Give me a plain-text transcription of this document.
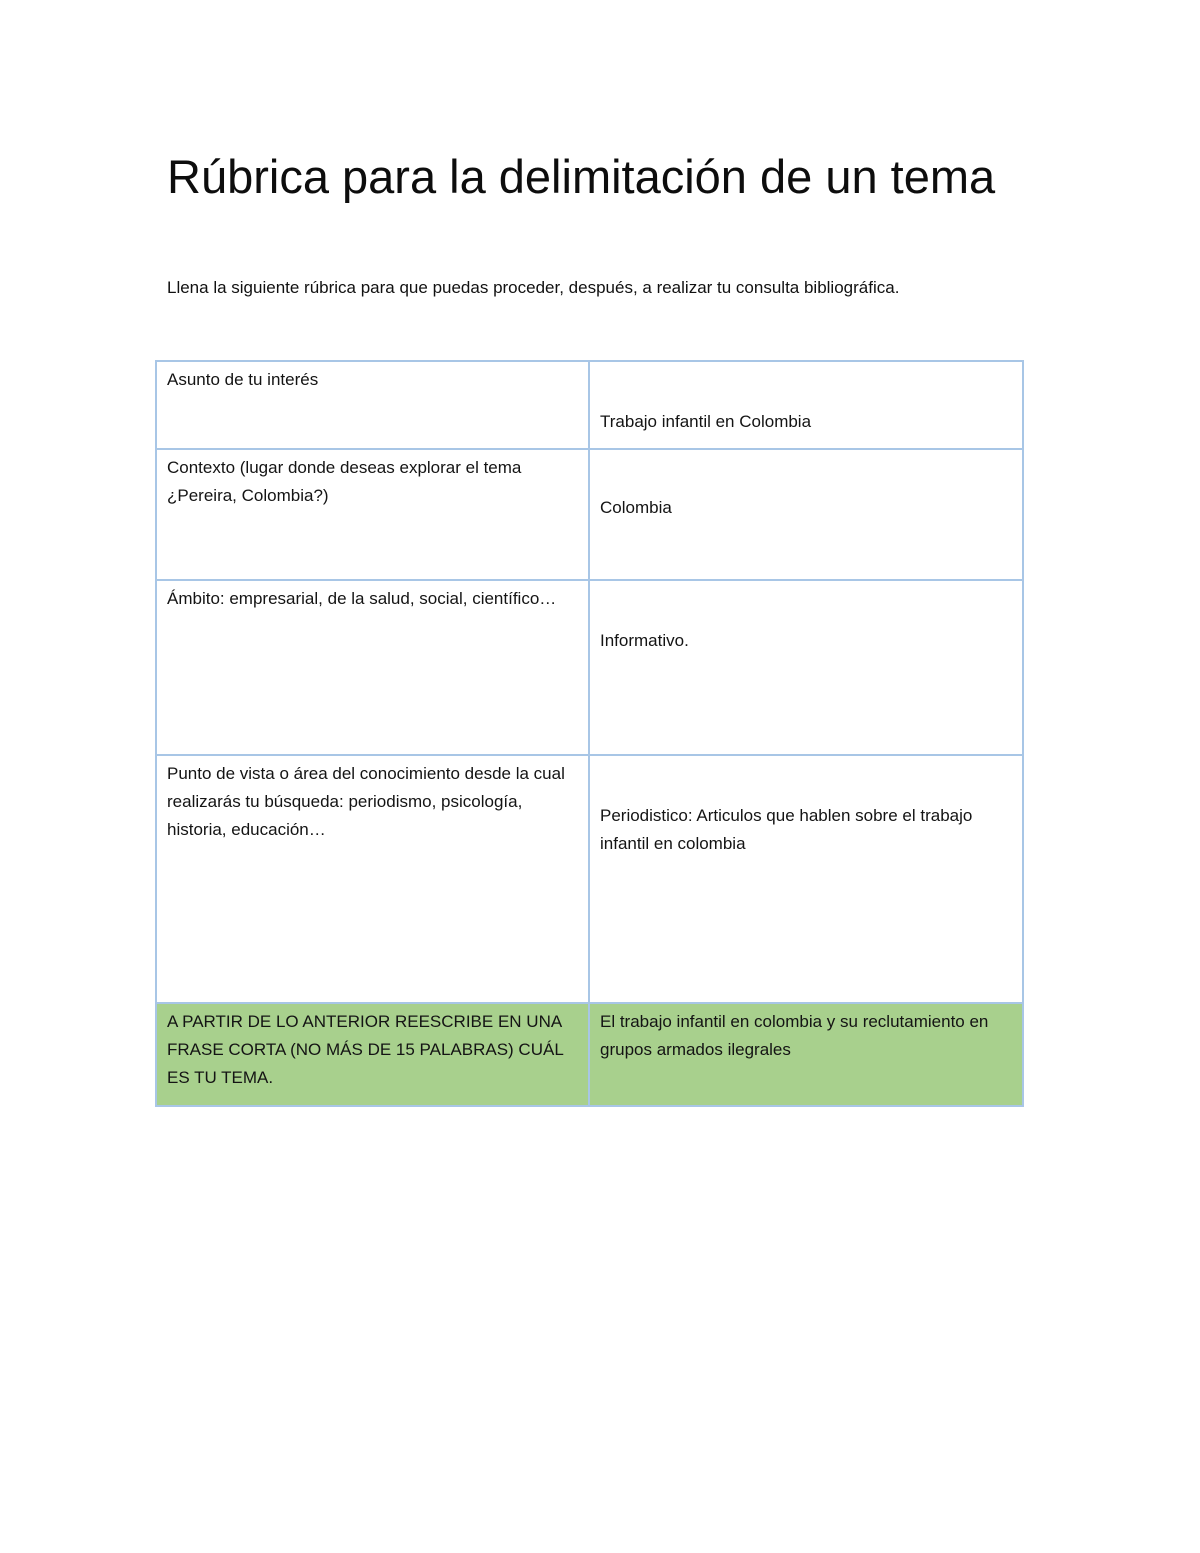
Rúbrica para la delimitación de un tema

Llena la siguiente rúbrica para que puedas proceder, después, a realizar tu consulta bibliográfica.

Asunto de tu interés	Trabajo infantil en Colombia

Contexto (lugar donde deseas explorar el tema ¿Pereira, Colombia?)	Colombia

Ámbito: empresarial, de la salud, social, científico…	Informativo.

Punto de vista o área del conocimiento desde la cual realizarás tu búsqueda: periodismo, psicología, historia, educación…	Periodistico: Articulos que hablen sobre el trabajo infantil en colombia

A PARTIR DE LO ANTERIOR REESCRIBE EN UNA FRASE CORTA (NO MÁS DE 15 PALABRAS) CUÁL ES TU TEMA.	El trabajo infantil en colombia y su reclutamiento en grupos armados ilegrales
